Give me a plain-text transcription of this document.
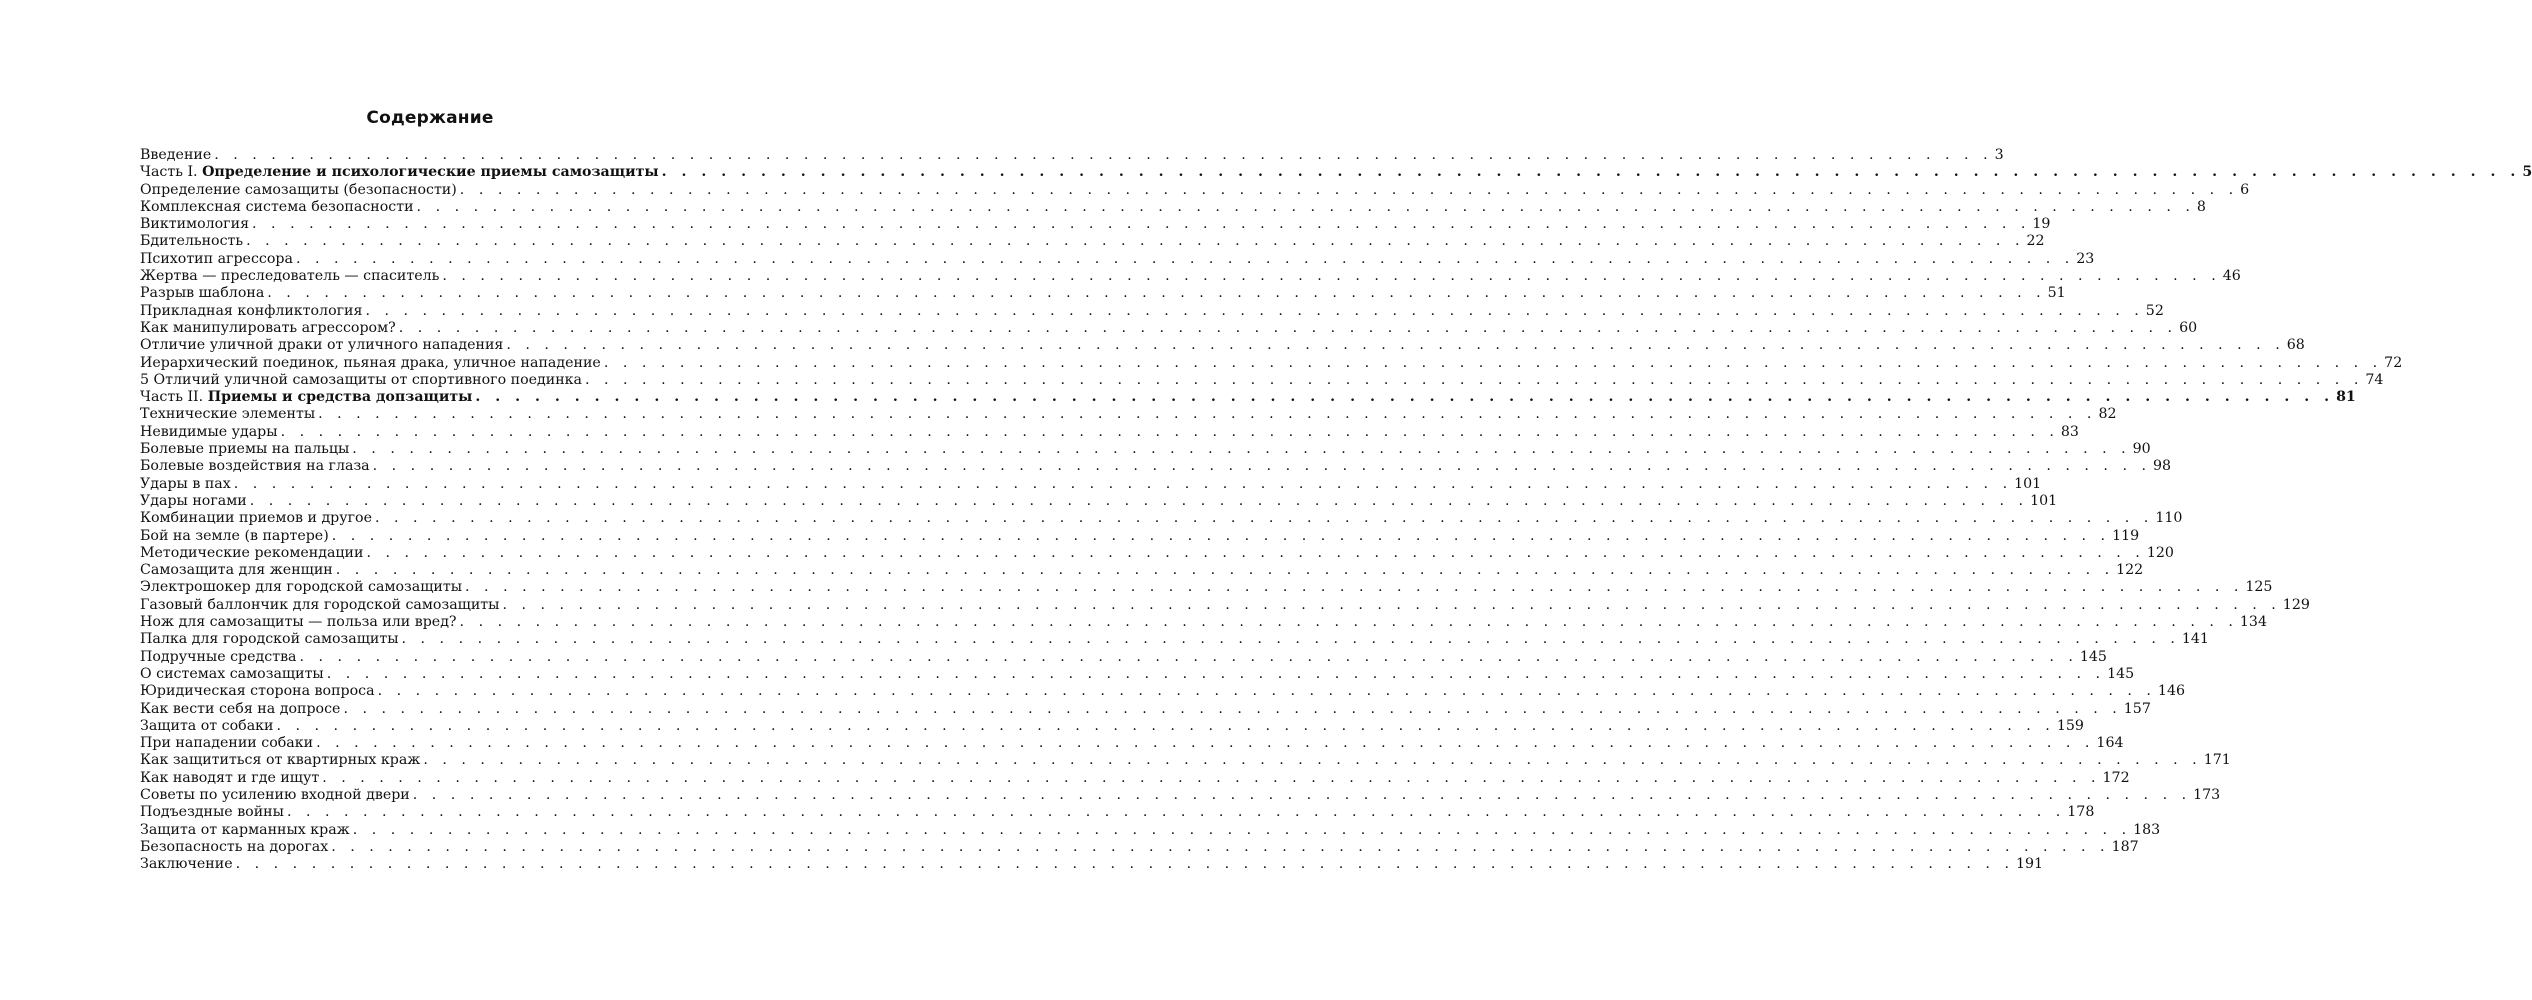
Содержание
Введение . . .	3
Часть I. Определение и психологические приемы самозащиты . . .	5
Определение самозащиты (безопасности) . . .	6
Комплексная система безопасности . . .	8
Виктимология . . .	19
Бдительность . . .	22
Психотип агрессора . . .	23
Жертва — преследователь — спаситель . . .	46
Разрыв шаблона . . .	51
Прикладная конфликтология . . .	52
Как манипулировать агрессором? . . .	60
Отличие уличной драки от уличного нападения . . .	68
Иерархический поединок, пьяная драка, уличное нападение . . .	72
5 Отличий уличной самозащиты от спортивного поединка . . .	74
Часть II. Приемы и средства допзащиты . . .	81
Технические элементы . . .	82
Невидимые удары . . .	83
Болевые приемы на пальцы . . .	90
Болевые воздействия на глаза . . .	98
Удары в пах . . .	101
Удары ногами . . .	101
Комбинации приемов и другое . . .	110
Бой на земле (в партере) . . .	119
Методические рекомендации . . .	120
Самозащита для женщин . . .	122
Электрошокер для городской самозащиты . . .	125
Газовый баллончик для городской самозащиты . . .	129
Нож для самозащиты — польза или вред? . . .	134
Палка для городской самозащиты . . .	141
Подручные средства . . .	145
О системах самозащиты . . .	145
Юридическая сторона вопроса . . .	146
Как вести себя на допросе . . .	157
Защита от собаки . . .	159
При нападении собаки . . .	164
Как защититься от квартирных краж . . .	171
Как наводят и где ищут . . .	172
Советы по усилению входной двери . . .	173
Подъездные войны . . .	178
Защита от карманных краж . . .	183
Безопасность на дорогах . . .	187
Заключение . . .	191
